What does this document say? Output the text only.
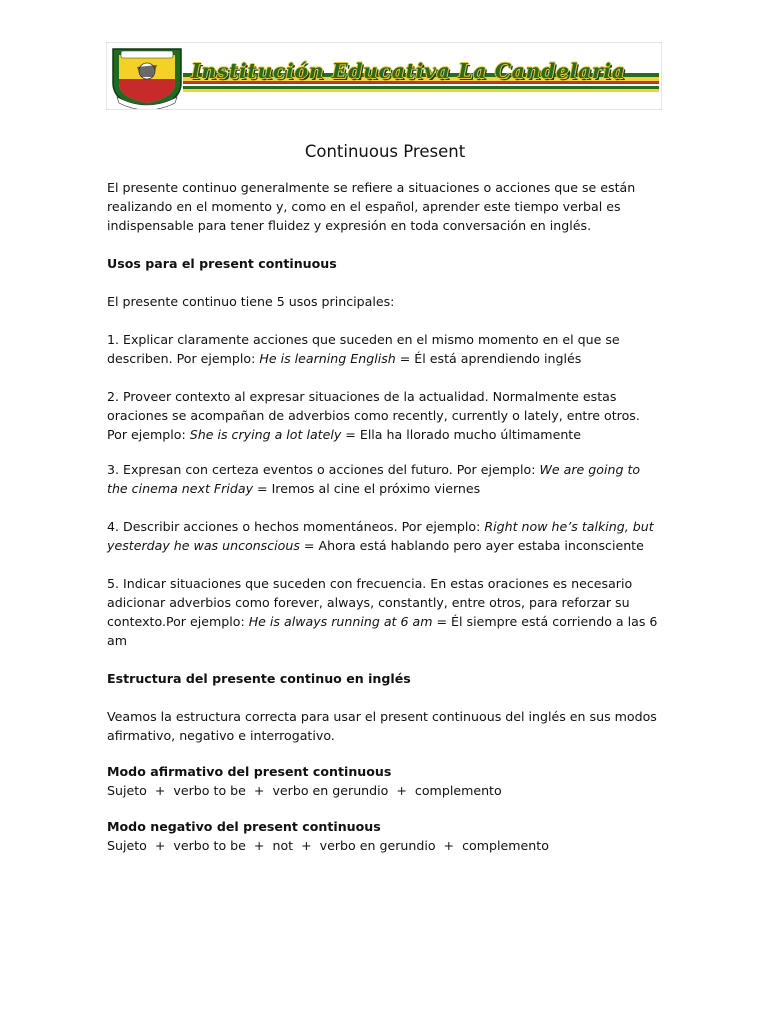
Institución Educativa La Candelaria
Continuous Present

El presente continuo generalmente se refiere a situaciones o acciones que se están realizando en el momento y, como en el español, aprender este tiempo verbal es indispensable para tener fluidez y expresión en toda conversación en inglés.

Usos para el present continuous

El presente continuo tiene 5 usos principales:

1. Explicar claramente acciones que suceden en el mismo momento en el que se describen. Por ejemplo: He is learning English = Él está aprendiendo inglés

2. Proveer contexto al expresar situaciones de la actualidad. Normalmente estas oraciones se acompañan de adverbios como recently, currently o lately, entre otros. Por ejemplo: She is crying a lot lately = Ella ha llorado mucho últimamente

3. Expresan con certeza eventos o acciones del futuro. Por ejemplo: We are going to the cinema next Friday = Iremos al cine el próximo viernes

4. Describir acciones o hechos momentáneos. Por ejemplo: Right now he’s talking, but yesterday he was unconscious = Ahora está hablando pero ayer estaba inconsciente

5. Indicar situaciones que suceden con frecuencia. En estas oraciones es necesario adicionar adverbios como forever, always, constantly, entre otros, para reforzar su contexto.Por ejemplo: He is always running at 6 am = Él siempre está corriendo a las 6 am

Estructura del presente continuo en inglés

Veamos la estructura correcta para usar el present continuous del inglés en sus modos afirmativo, negativo e interrogativo.

Modo afirmativo del present continuous

Sujeto  +  verbo to be  +  verbo en gerundio  +  complemento

Modo negativo del present continuous

Sujeto  +  verbo to be  +  not  +  verbo en gerundio  +  complemento
